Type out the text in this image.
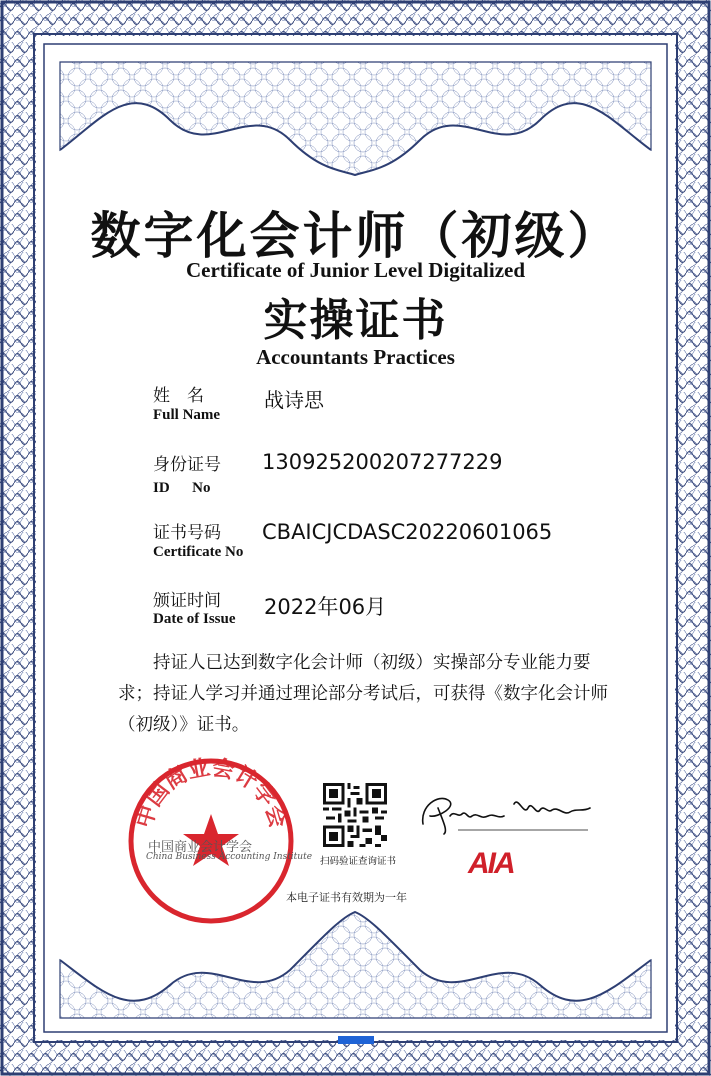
数字化会计师（初级）
Certificate of Junior Level Digitalized
实操证书
Accountants Practices
姓　名
Full Name
战诗思
身份证号
ID　  No
130925200207277229
证书号码
Certificate No
CBAICJCDASC20220601065
颁证时间
Date of Issue 2022年06月
持证人已达到数字化会计师（初级）实操部分专业能力要求；持证人学习并通过理论部分考试后，可获得《数字化会计师（初级）》证书。
中国商业会计学会
中国商业会计学会
China Business Accounting Institute 扫码验证查询证书 AIA
本电子证书有效期为一年
